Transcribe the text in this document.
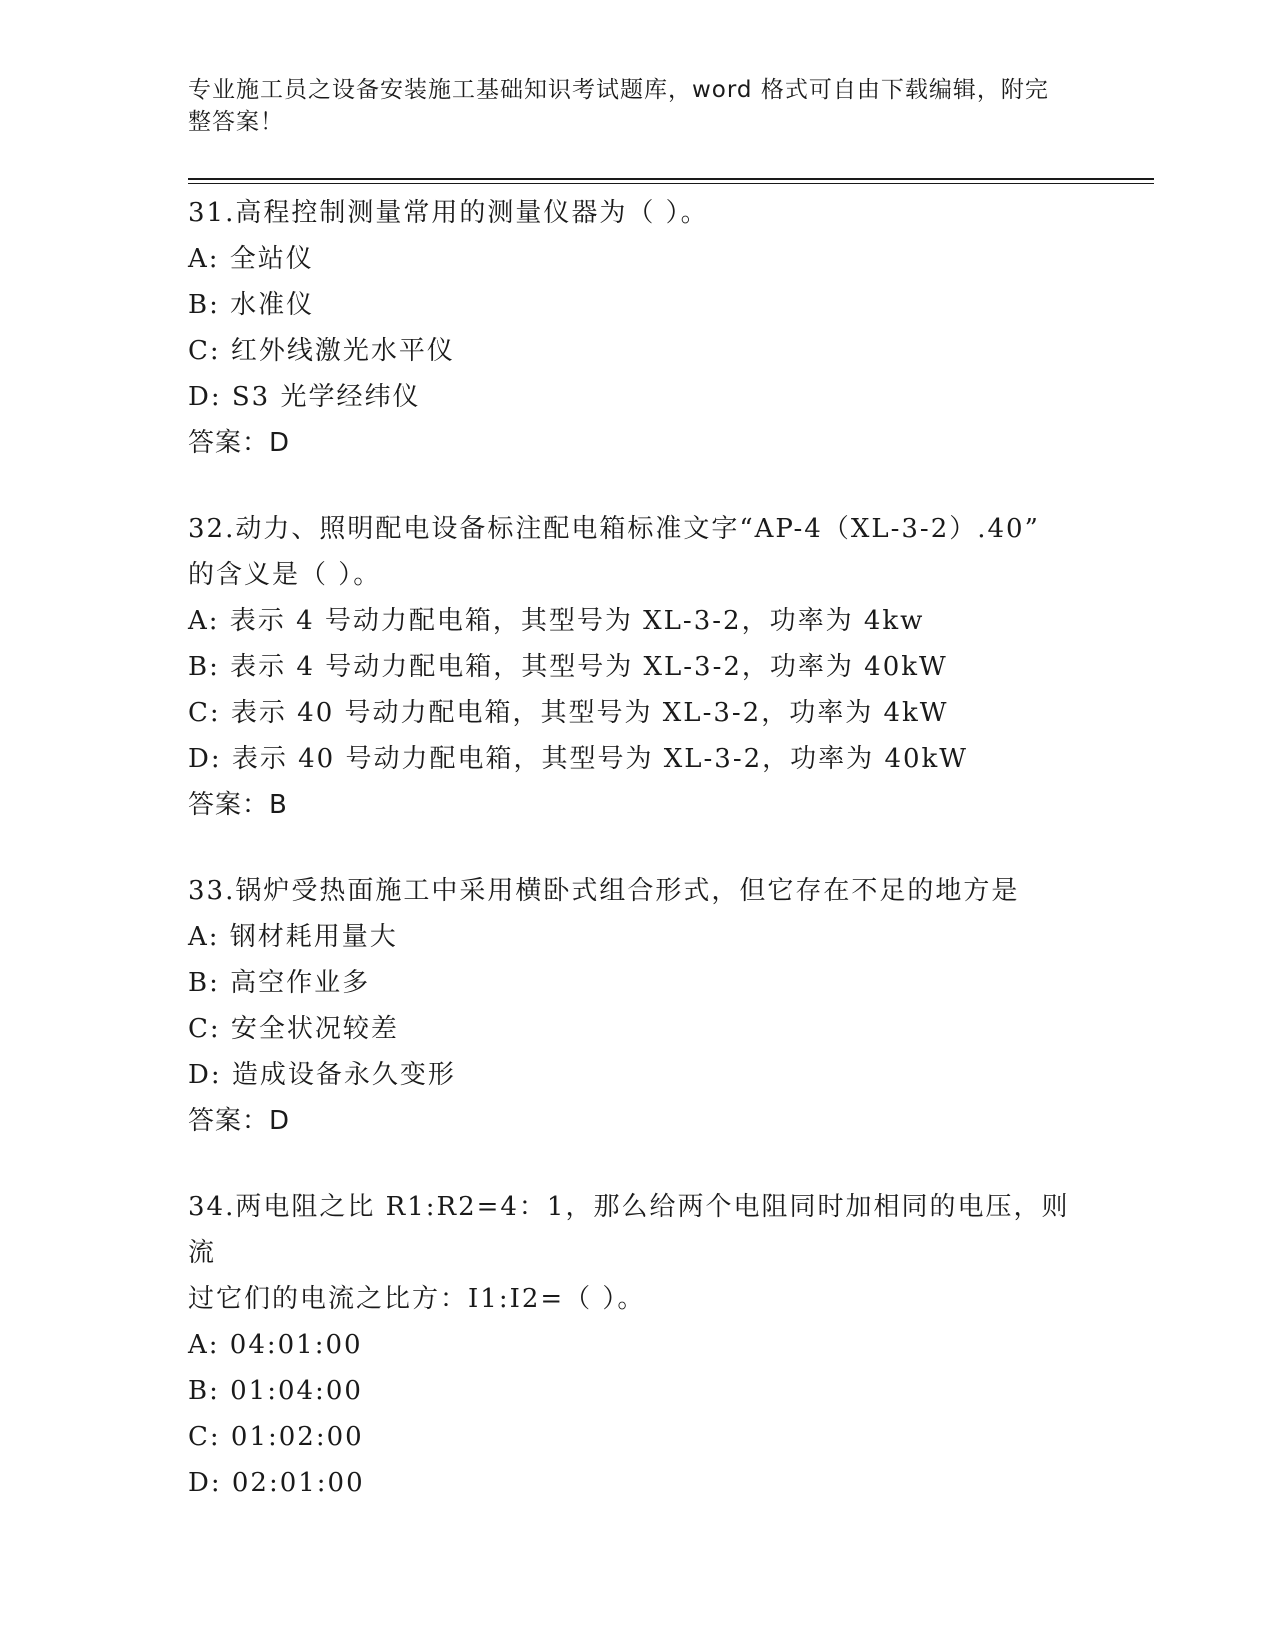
专业施工员之设备安装施工基础知识考试题库，word 格式可自由下载编辑，附完
整答案！

31.高程控制测量常用的测量仪器为（ ）。

A: 全站仪

B: 水准仪

C: 红外线激光水平仪

D: S3 光学经纬仪

答案：D

32.动力、照明配电设备标注配电箱标准文字“AP-4（XL-3-2）.40”

的含义是（ ）。

A: 表示 4 号动力配电箱，其型号为 XL-3-2，功率为 4kw

B: 表示 4 号动力配电箱，其型号为 XL-3-2，功率为 40kW

C: 表示 40 号动力配电箱，其型号为 XL-3-2，功率为 4kW

D: 表示 40 号动力配电箱，其型号为 XL-3-2，功率为 40kW

答案：B

33.锅炉受热面施工中采用横卧式组合形式，但它存在不足的地方是

A: 钢材耗用量大

B: 高空作业多

C: 安全状况较差

D: 造成设备永久变形

答案：D

34.两电阻之比 R1:R2=4：1，那么给两个电阻同时加相同的电压，则流

过它们的电流之比方：I1:I2=（ ）。

A: 04:01:00

B: 01:04:00

C: 01:02:00

D: 02:01:00
